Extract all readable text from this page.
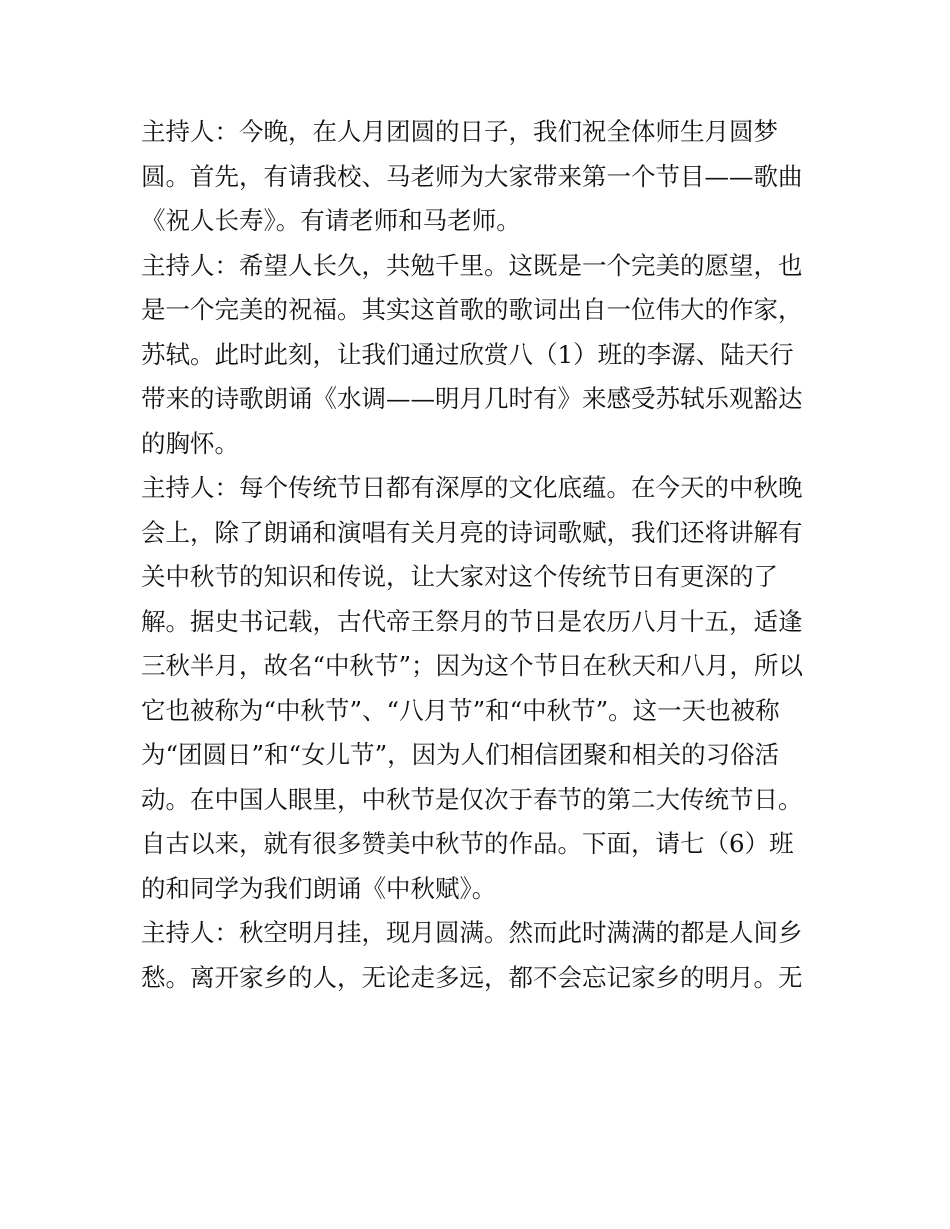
主持人：今晚，在人月团圆的日子，我们祝全体师生月圆梦
圆。首先，有请我校、马老师为大家带来第一个节目——歌曲
《祝人长寿》。有请老师和马老师。
主持人：希望人长久，共勉千里。这既是一个完美的愿望，也
是一个完美的祝福。其实这首歌的歌词出自一位伟大的作家，
苏轼。此时此刻，让我们通过欣赏八（1）班的李潺、陆天行
带来的诗歌朗诵《水调——明月几时有》来感受苏轼乐观豁达
的胸怀。
主持人：每个传统节日都有深厚的文化底蕴。在今天的中秋晚
会上，除了朗诵和演唱有关月亮的诗词歌赋，我们还将讲解有
关中秋节的知识和传说，让大家对这个传统节日有更深的了
解。据史书记载，古代帝王祭月的节日是农历八月十五，适逢
三秋半月，故名“中秋节”；因为这个节日在秋天和八月，所以
它也被称为“中秋节”、“八月节”和“中秋节”。这一天也被称
为“团圆日”和“女儿节”，因为人们相信团聚和相关的习俗活
动。在中国人眼里，中秋节是仅次于春节的第二大传统节日。
自古以来，就有很多赞美中秋节的作品。下面，请七（6）班
的和同学为我们朗诵《中秋赋》。
主持人：秋空明月挂，现月圆满。然而此时满满的都是人间乡
愁。离开家乡的人，无论走多远，都不会忘记家乡的明月。无
